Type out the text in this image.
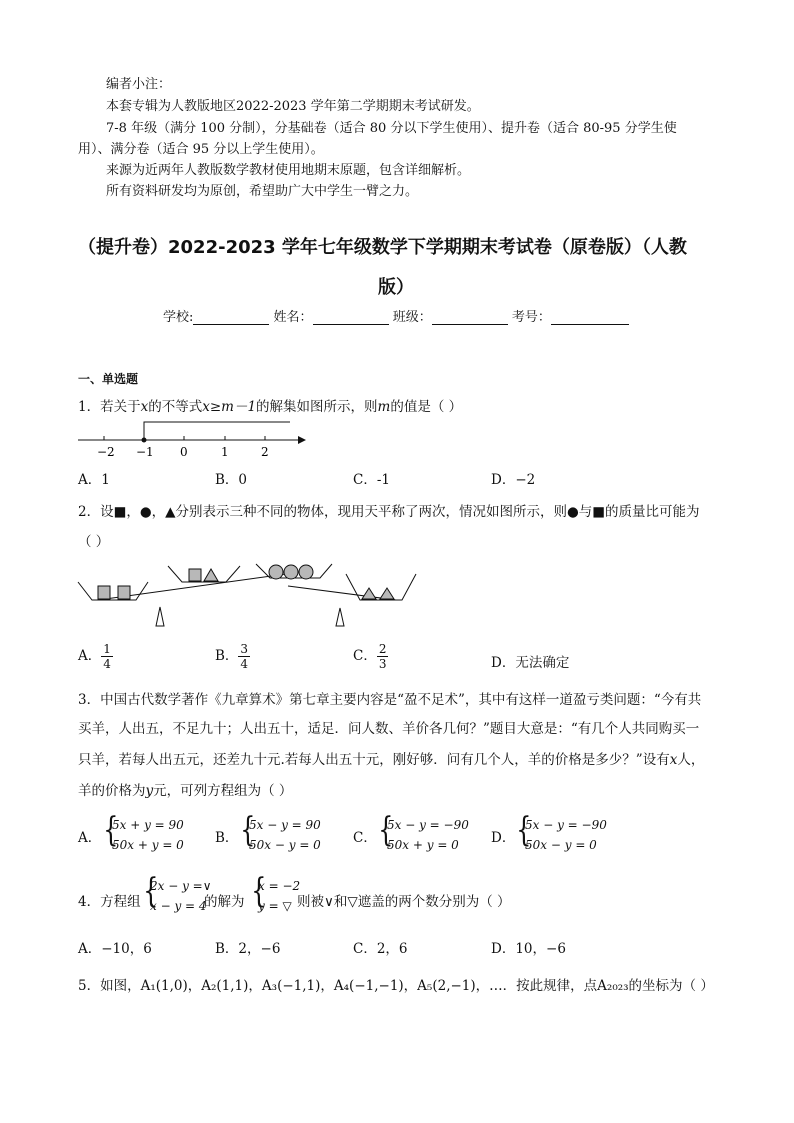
编者小注：
本套专辑为人教版地区2022-2023 学年第二学期期末考试研发。
7-8 年级（满分 100 分制），分基础卷（适合 80 分以下学生使用）、提升卷（适合 80-95 分学生使
用）、满分卷（适合 95 分以上学生使用）。
来源为近两年人教版数学教材使用地期末原题，包含详细解析。
所有资料研发均为原创，希望助广大中学生一臂之力。
（提升卷）2022-2023 学年七年级数学下学期期末考试卷（原卷版）（人教
版）
学校:	姓名：	班级：	考号：
一、单选题
1．若关于x的不等式x≥m－1的解集如图所示，则m的值是（ ）
−2 −1 0	1	2
A．1	B．0	C．-1	D．−2
2．设■，●，▲分别表示三种不同的物体，现用天平称了两次，情况如图所示，则●与■的质量比可能为
（ ）
A． $\frac{1}{4}$	B． $\frac{3}{4}$	C． $\frac{2}{3}$	D．无法确定
3．中国古代数学著作《九章算术》第七章主要内容是“盈不足术”，其中有这样一道盈亏类问题：“今有共
买羊，人出五，不足九十；人出五十，适足．问人数、羊价各几何？”题目大意是：“有几个人共同购买一
只羊，若每人出五元，还差九十元.若每人出五十元，刚好够．问有几个人，羊的价格是多少？”设有x人，
羊的价格为y元，可列方程组为（ ）
A． {
5x + y = 90
50x + y = 0 B． {
5x − y = 90
50x − y = 0 C． {
5x − y = −90
50x + y = 0	D． {
5x − y = −90
50x − y = 0
4．方程组 {
2x − y =∨
x − y = 4
的解为 {
x = −2
y = ▽ 则被∨和▽遮盖的两个数分别为（ ）
A．−10，6	B．2，−6	C．2，6	D．10，−6
5．如图，A₁(1,0)，A₂(1,1)，A₃(−1,1)，A₄(−1,−1)，A₅(2,−1)，…．按此规律，点A₂₀₂₃的坐标为（ ）
